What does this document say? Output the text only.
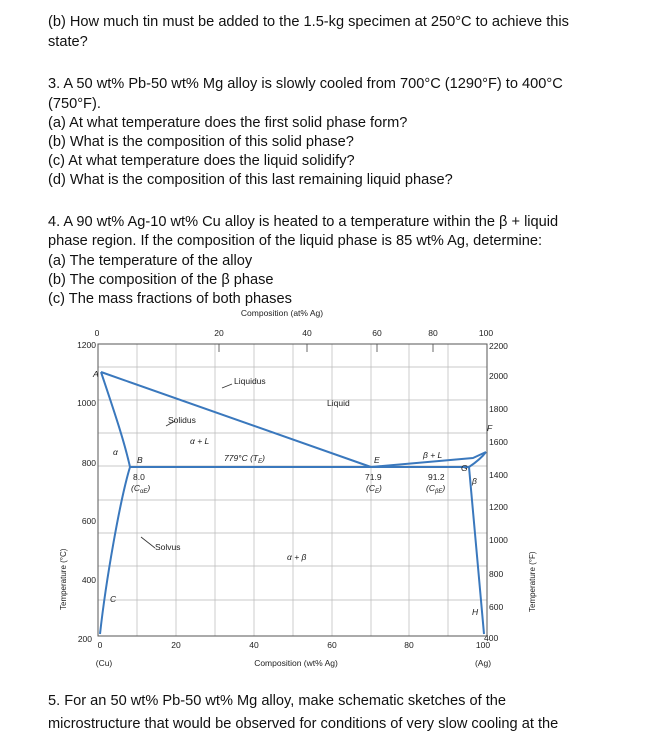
(b) How much tin must be added to the 1.5-kg specimen at 250°C to achieve this
state?
3. A 50 wt% Pb-50 wt% Mg alloy is slowly cooled from 700°C (1290°F) to 400°C
(750°F).
(a) At what temperature does the first solid phase form?
(b) What is the composition of this solid phase?
(c) At what temperature does the liquid solidify?
(d) What is the composition of this last remaining liquid phase?
4. A 90 wt% Ag-10 wt% Cu alloy is heated to a temperature within the β + liquid
phase region. If the composition of the liquid phase is 85 wt% Ag, determine:
(a) The temperature of the alloy
(b) The composition of the β phase
(c) The mass fractions of both phases
Composition (at% Ag)
0	20	40	60	80	100
1200
1000
800
600
400
200
Temperature (°C)
2200
2000
1800
1600
1400
1200
1000
800
600
400
Temperature (°F)
0	20	40	60	80	100
(Cu)	(Ag)
Composition (wt% Ag)
Liquidus
Liquid
Solidus
Solvus
α + L
β + L
α + β
α
β
779°C $(T_E)$
A
B
C
E
F
G
H
8.0
$(C_{\alpha E})$
71.9
$(C_E)$
91.2
$(C_{\beta E})$
5. For an 50 wt% Pb-50 wt% Mg alloy, make schematic sketches of the
microstructure that would be observed for conditions of very slow cooling at the
